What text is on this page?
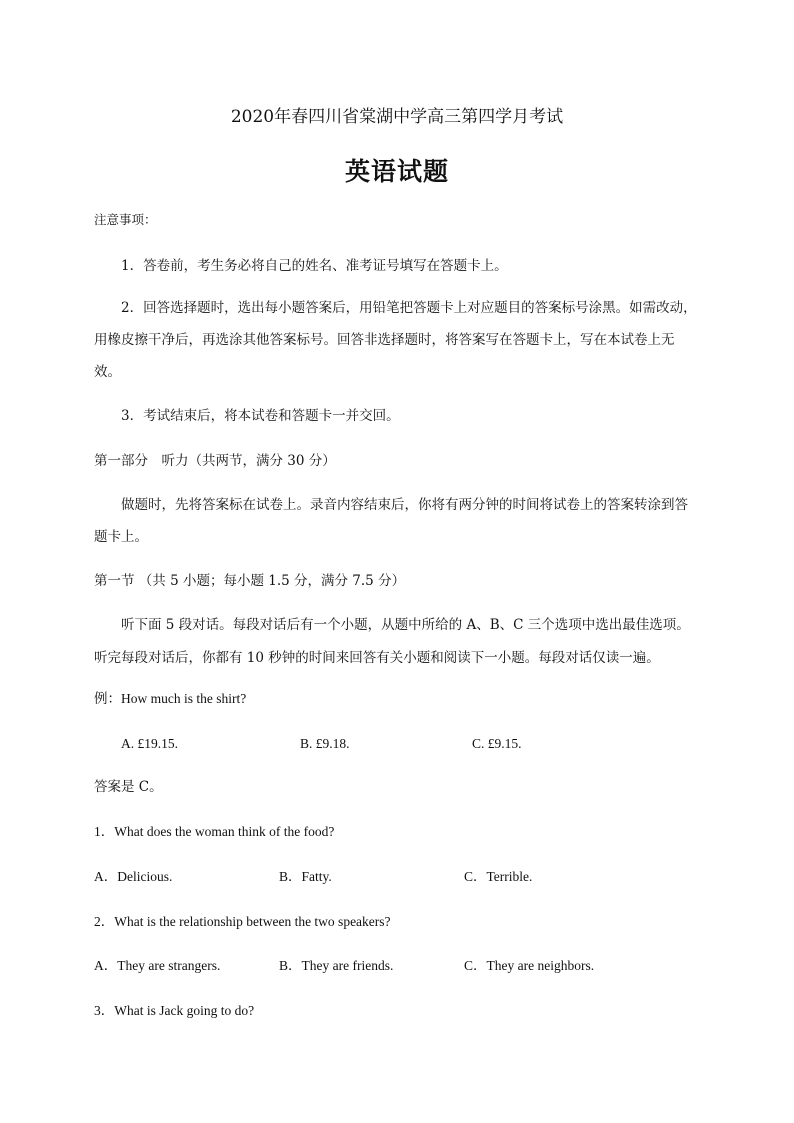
2020年春四川省棠湖中学高三第四学月考试
英语试题
注意事项：
1．答卷前，考生务必将自己的姓名、准考证号填写在答题卡上。
2．回答选择题时，选出每小题答案后，用铅笔把答题卡上对应题目的答案标号涂黑。如需改动，
用橡皮擦干净后，再选涂其他答案标号。回答非选择题时，将答案写在答题卡上，写在本试卷上无
效。
3．考试结束后，将本试卷和答题卡一并交回。
第一部分　听力（共两节，满分 30 分）
做题时，先将答案标在试卷上。录音内容结束后，你将有两分钟的时间将试卷上的答案转涂到答
题卡上。
第一节 （共 5 小题；每小题 1.5 分，满分 7.5 分）
听下面 5 段对话。每段对话后有一个小题，从题中所给的 A、B、C 三个选项中选出最佳选项。
听完每段对话后，你都有 10 秒钟的时间来回答有关小题和阅读下一小题。每段对话仅读一遍。
例：How much is the shirt?
A. £19.15.	B. £9.18.	C. £9.15.
答案是 C。
1．What does the woman think of the food?
A．Delicious.	B．Fatty.	C．Terrible.
2．What is the relationship between the two speakers?
A．They are strangers.	B．They are friends.	C．They are neighbors.
3．What is Jack going to do?
